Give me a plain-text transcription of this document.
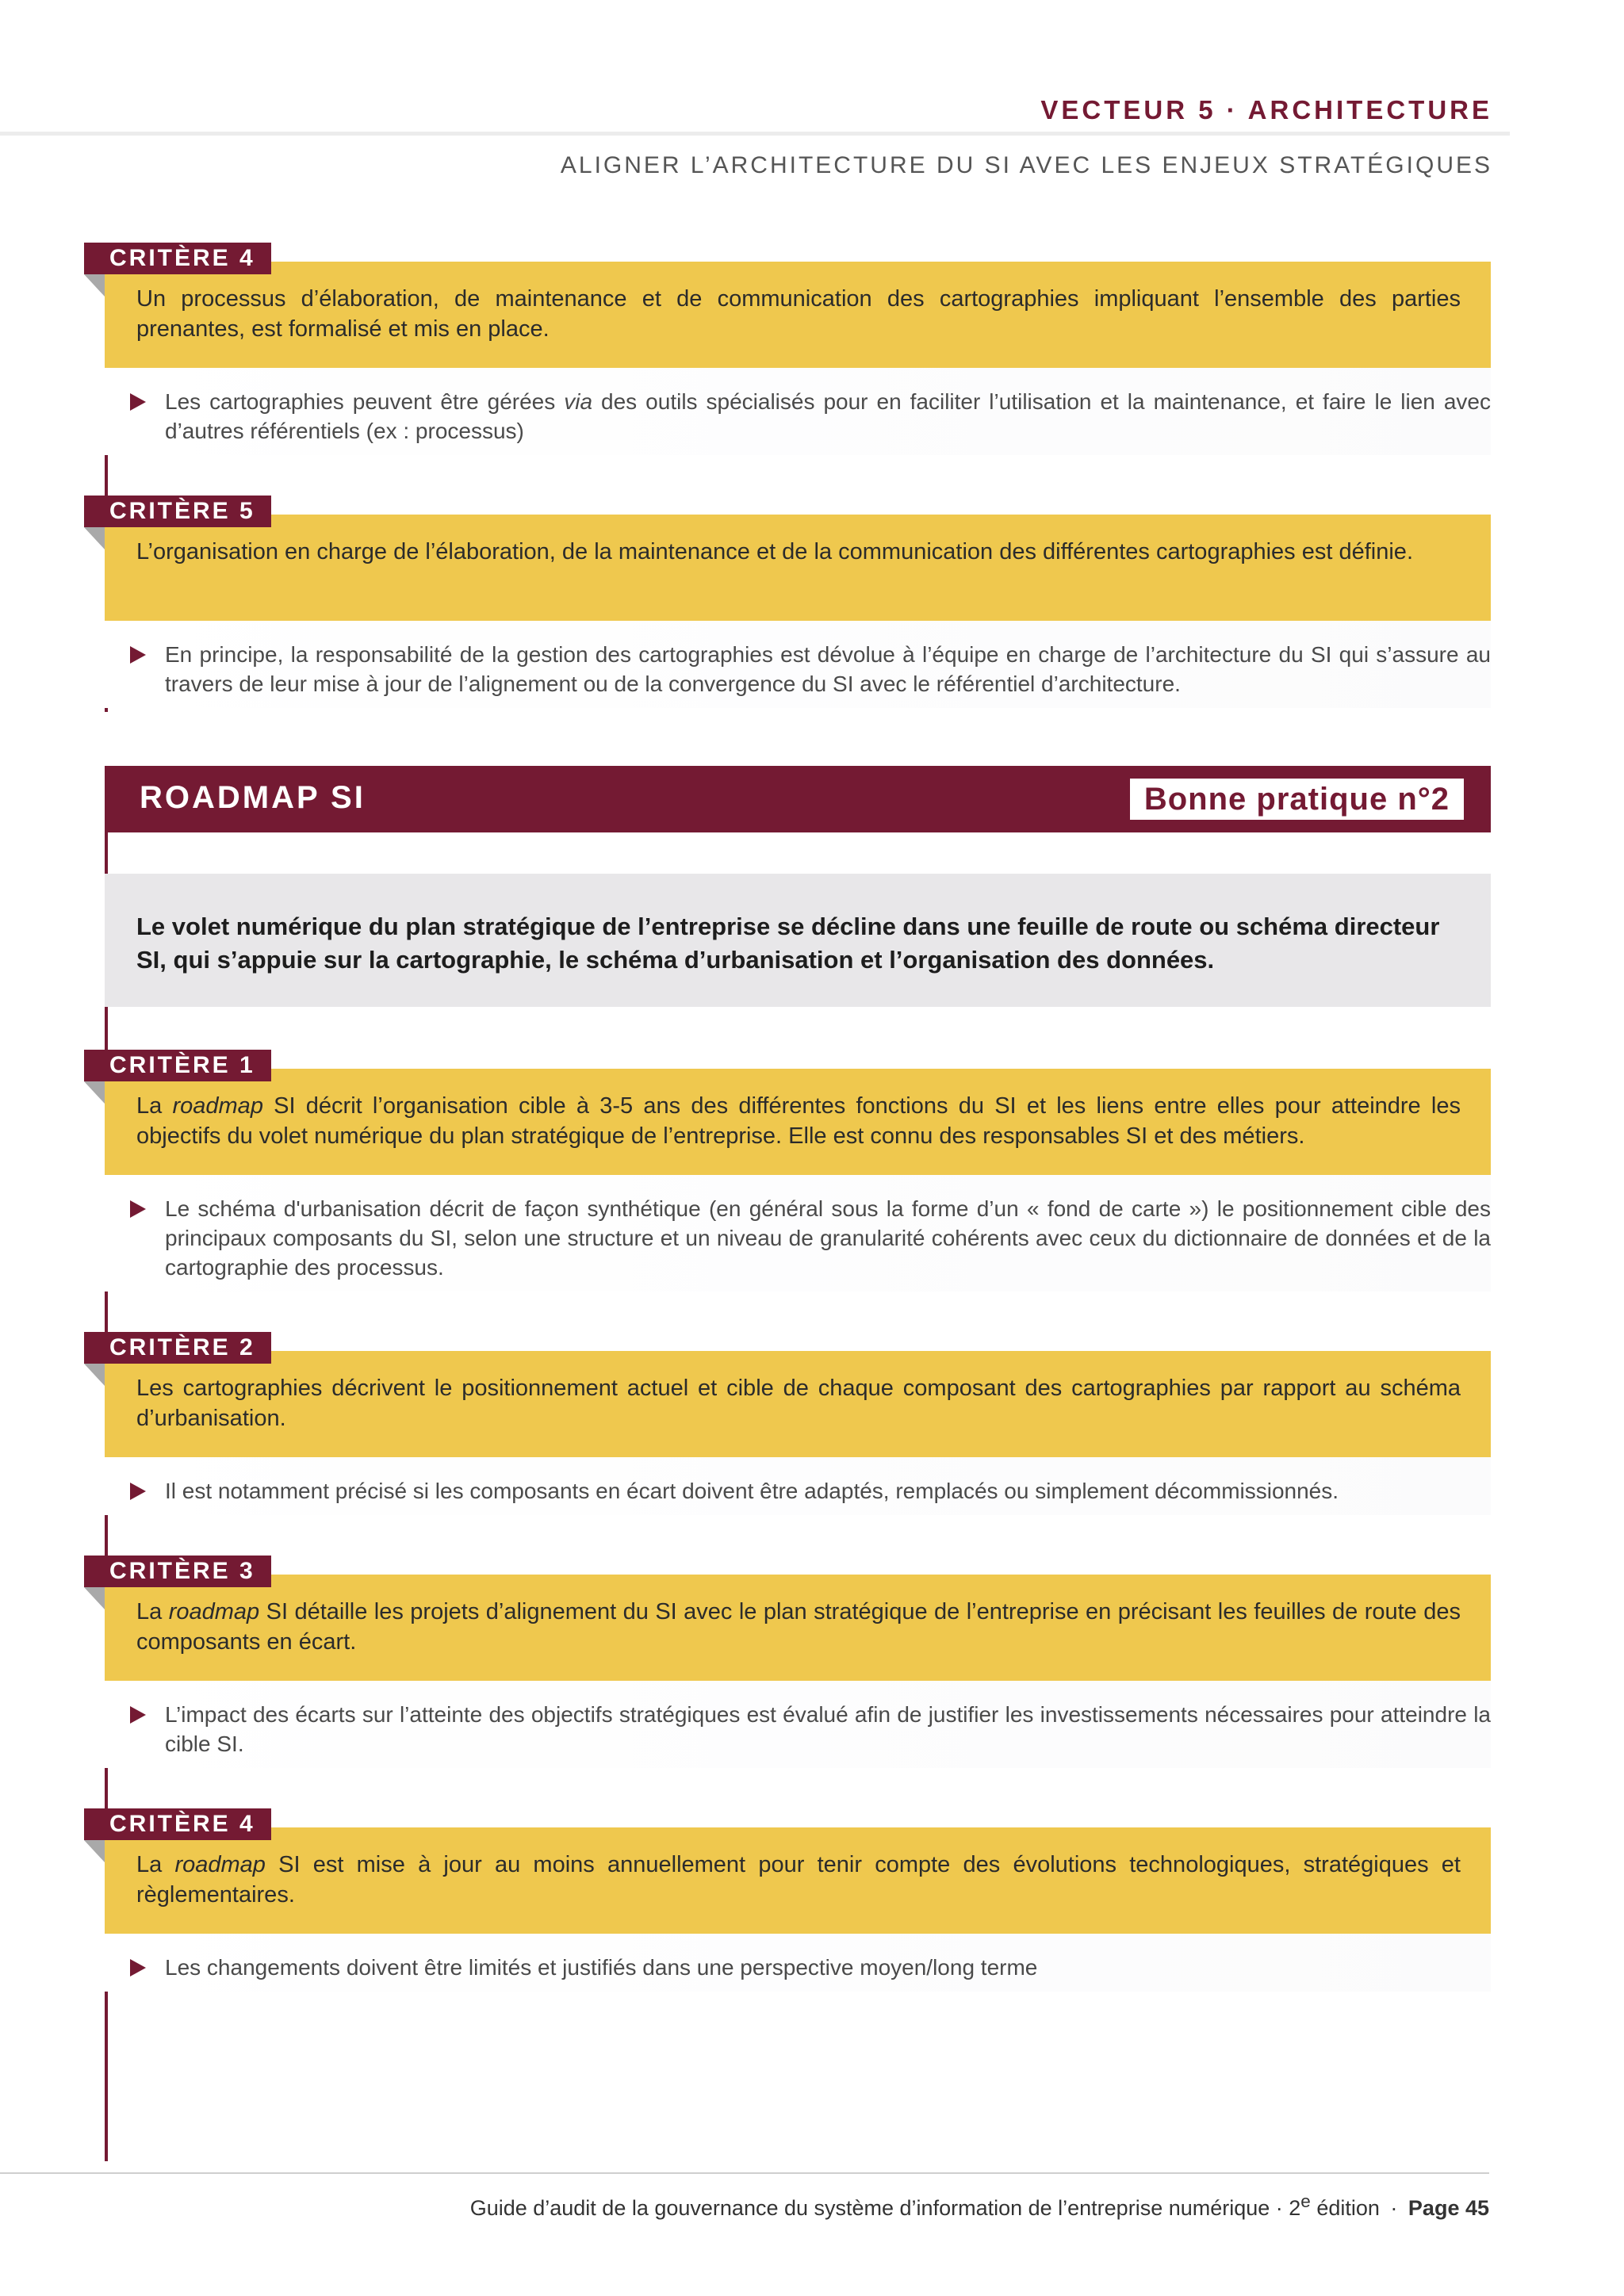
VECTEUR 5 · ARCHITECTURE
ALIGNER L’ARCHITECTURE DU SI AVEC LES ENJEUX STRATÉGIQUES
CRITÈRE 4
Un processus d’élaboration, de maintenance et de communication des cartographies impliquant l’ensemble des parties prenantes, est formalisé et mis en place.

Les cartographies peuvent être gérées via des outils spécialisés pour en faciliter l’utilisation et la maintenance, et faire le lien avec d’autres référentiels (ex : processus)

CRITÈRE 5
L’organisation en charge de l’élaboration, de la maintenance et de la communication des différentes cartographies est définie.

En principe, la responsabilité de la gestion des cartographies est dévolue à l’équipe en charge de l’architecture du SI qui s’assure au travers de leur mise à jour de l’alignement ou de la convergence du SI avec le référentiel d’architecture.

ROADMAP SI	Bonne pratique n°2
Le volet numérique du plan stratégique de l’entreprise se décline dans une feuille de route ou schéma directeur SI, qui s’appuie sur la cartographie, le schéma d’urbanisation et l’organisation des données.
CRITÈRE 1
La roadmap SI décrit l’organisation cible à 3-5 ans des différentes fonctions du SI et les liens entre elles pour atteindre les objectifs du volet numérique du plan stratégique de l’entreprise. Elle est connu des responsables SI et des métiers.

Le schéma d'urbanisation décrit de façon synthétique (en général sous la forme d’un « fond de carte ») le positionnement cible des principaux composants du SI, selon une structure et un niveau de granularité cohérents avec ceux du dictionnaire de données et de la cartographie des processus.

CRITÈRE 2
Les cartographies décrivent le positionnement actuel et cible de chaque composant des cartographies par rapport au schéma d’urbanisation.

Il est notamment précisé si les composants en écart doivent être adaptés, remplacés ou simplement décommissionnés.

CRITÈRE 3
La roadmap SI détaille les projets d’alignement du SI avec le plan stratégique de l’entreprise en précisant les feuilles de route des composants en écart.

L’impact des écarts sur l’atteinte des objectifs stratégiques est évalué afin de justifier les investissements nécessaires pour atteindre la cible SI.

CRITÈRE 4
La roadmap SI est mise à jour au moins annuellement pour tenir compte des évolutions technologiques, stratégiques et règlementaires.

Les changements doivent être limités et justifiés dans une perspective moyen/long terme

Guide d’audit de la gouvernance du système d’information de l’entreprise numérique · $2^e$ édition · Page 45
